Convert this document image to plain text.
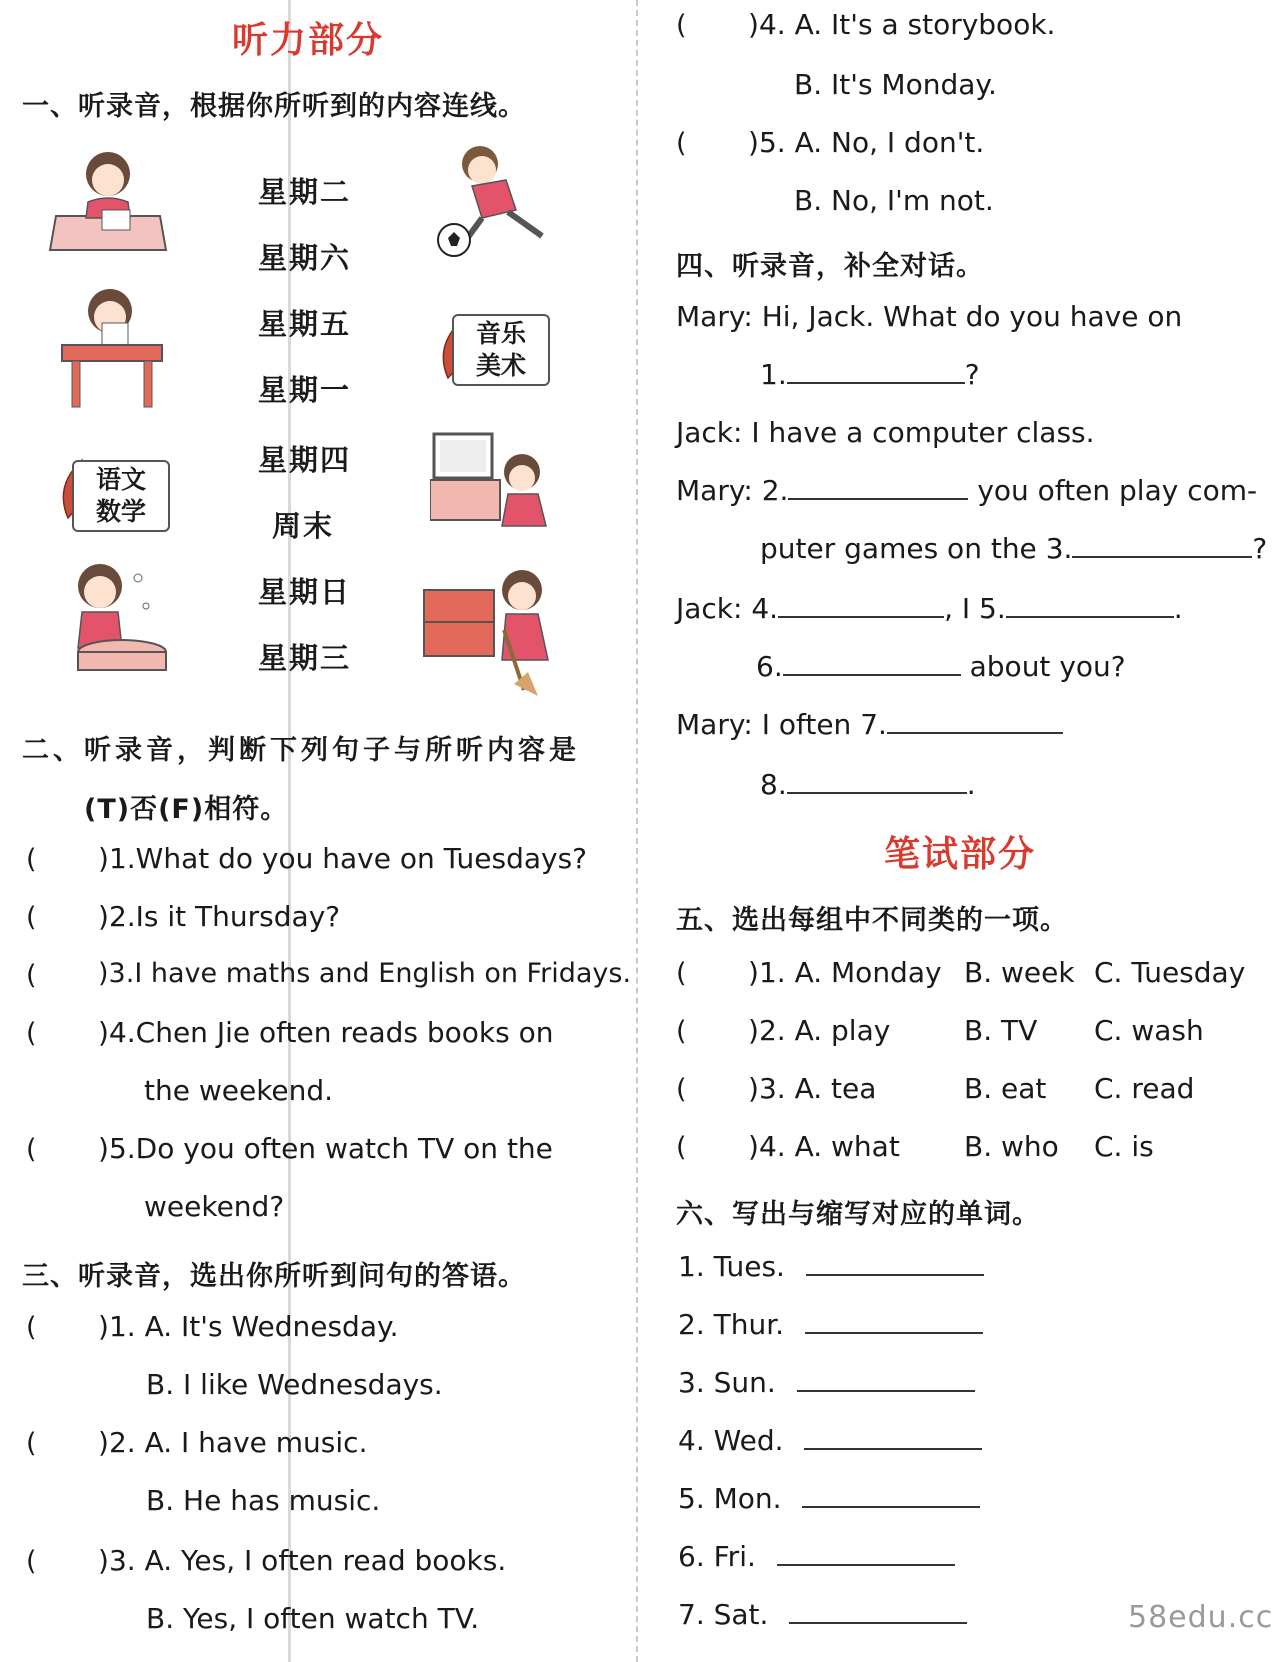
听力部分
一、听录音，根据你所听到的内容连线。
语文
数学
星期二
星期六
星期五
星期一
星期四
周末
星期日
星期三
音乐
美术
二、听录音，判断下列句子与所听内容是
(T)否(F)相符。
( )1.What do you have on Tuesdays?
( )2.Is it Thursday?
( )3.I have maths and English on Fridays.
( )4.Chen Jie often reads books on
the weekend.
( )5.Do you often watch TV on the
weekend?
三、听录音，选出你所听到问句的答语。
( )1. A. It's Wednesday.
B. I like Wednesdays.
( )2. A. I have music.
B. He has music.
( )3. A. Yes, I often read books.
B. Yes, I often watch TV.
( )4. A. It's a storybook.
B. It's Monday.
( )5. A. No, I don't.
B. No, I'm not.
四、听录音，补全对话。
Mary: Hi, Jack. What do you have on
1.	?
Jack: I have a computer class.
Mary: 2.	you often play com-
puter games on the 3.	?
Jack: 4.	, I 5.	.
6.	about you?
Mary: I often 7.
8.	.
笔试部分
五、选出每组中不同类的一项。
( )1. A. Monday B. week C. Tuesday
( )2. A. play	B. TV C. wash
( )3. A. tea	B. eat C. read
( )4. A. what B. who C. is
六、写出与缩写对应的单词。
1. Tues.
2. Thur.
3. Sun.
4. Wed.
5. Mon.
6. Fri.
7. Sat.	58edu.cc
